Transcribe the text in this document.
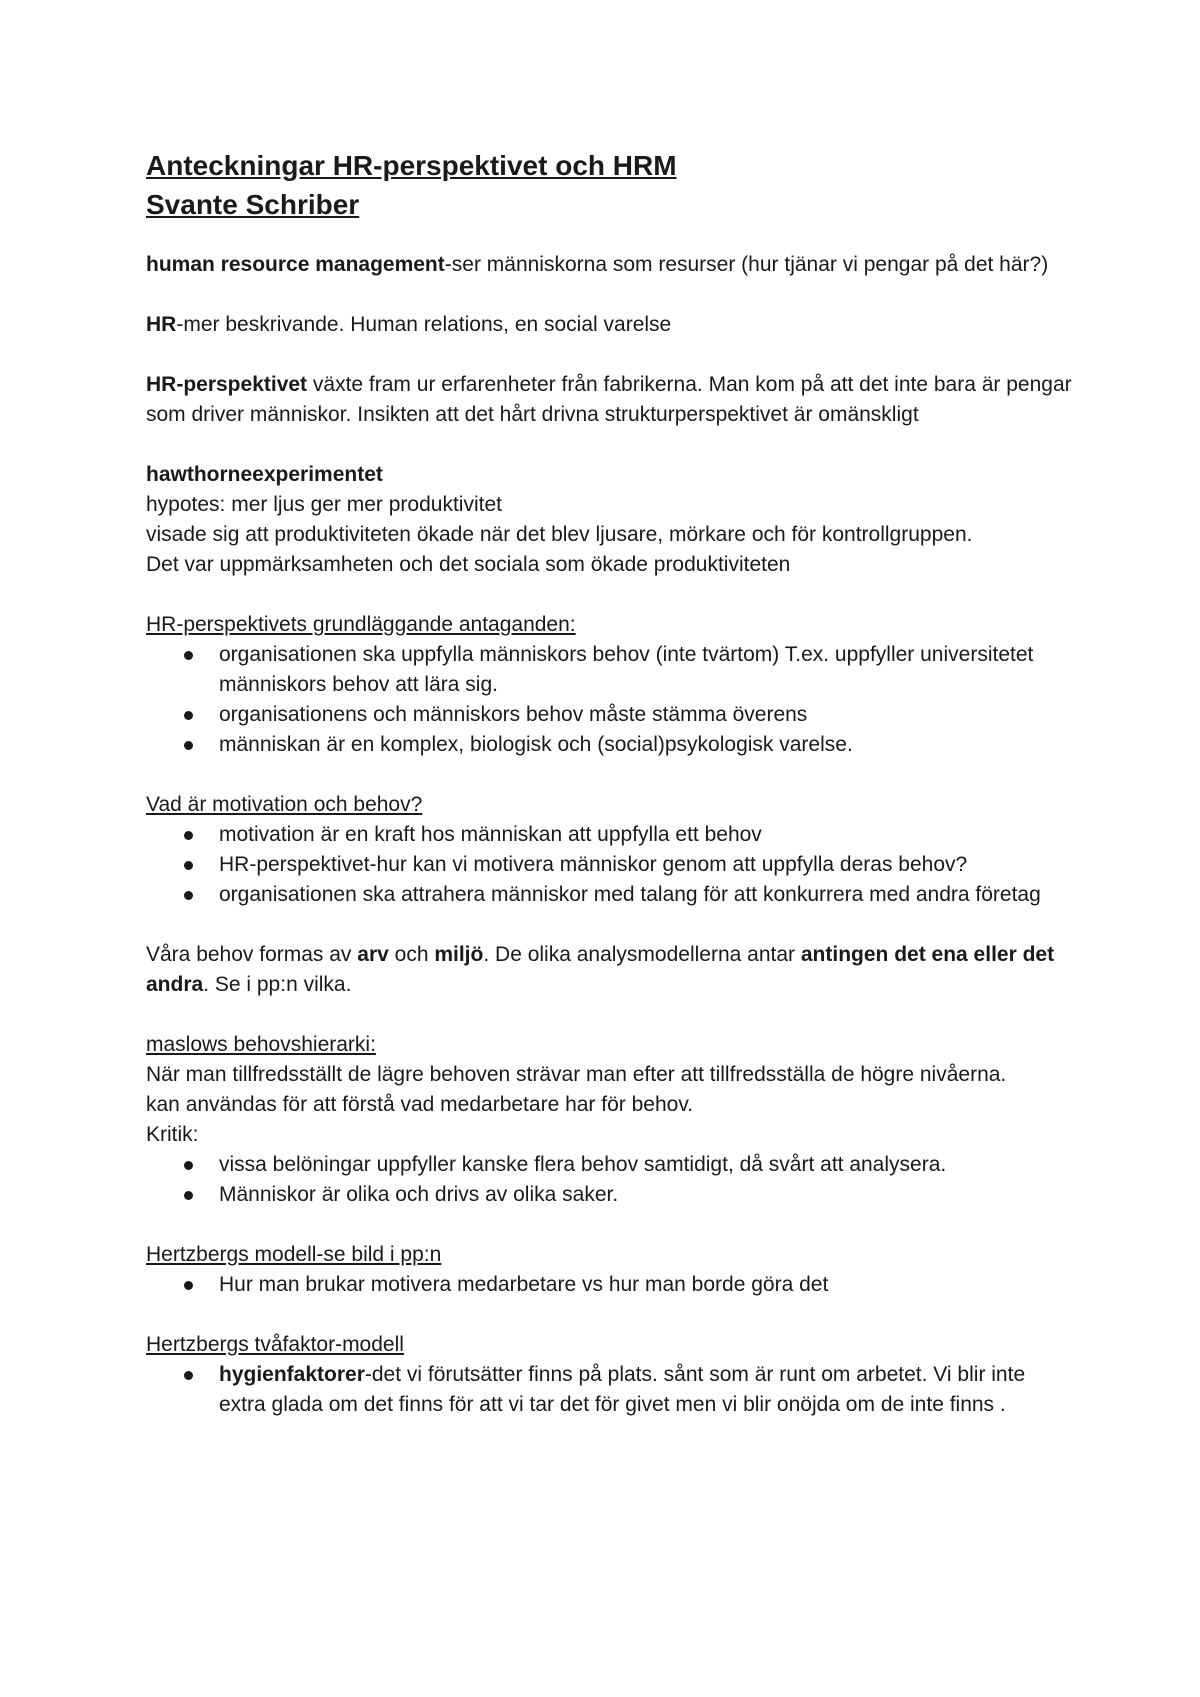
Anteckningar HR-perspektivet och HRM
Svante Schriber

human resource management-ser människorna som resurser (hur tjänar vi pengar på det här?)

HR-mer beskrivande. Human relations, en social varelse

HR-perspektivet växte fram ur erfarenheter från fabrikerna. Man kom på att det inte bara är pengar som driver människor. Insikten att det hårt drivna strukturperspektivet är omänskligt

hawthorneexperimentet

hypotes: mer ljus ger mer produktivitet

visade sig att produktiviteten ökade när det blev ljusare, mörkare och för kontrollgruppen.

Det var uppmärksamheten och det sociala som ökade produktiviteten

HR-perspektivets grundläggande antaganden:

organisationen ska uppfylla människors behov (inte tvärtom) T.ex. uppfyller universitetet människors behov att lära sig.
organisationens och människors behov måste stämma överens
människan är en komplex, biologisk och (social)psykologisk varelse.

Vad är motivation och behov?

motivation är en kraft hos människan att uppfylla ett behov
HR-perspektivet-hur kan vi motivera människor genom att uppfylla deras behov?
organisationen ska attrahera människor med talang för att konkurrera med andra företag

Våra behov formas av arv och miljö. De olika analysmodellerna antar antingen det ena eller det andra. Se i pp:n vilka.

maslows behovshierarki:

När man tillfredsställt de lägre behoven strävar man efter att tillfredsställa de högre nivåerna.

kan användas för att förstå vad medarbetare har för behov.

Kritik:

vissa belöningar uppfyller kanske flera behov samtidigt, då svårt att analysera.
Människor är olika och drivs av olika saker.

Hertzbergs modell-se bild i pp:n

Hur man brukar motivera medarbetare vs hur man borde göra det

Hertzbergs tvåfaktor-modell

hygienfaktorer-det vi förutsätter finns på plats. sånt som är runt om arbetet. Vi blir inte extra glada om det finns för att vi tar det för givet men vi blir onöjda om de inte finns .
